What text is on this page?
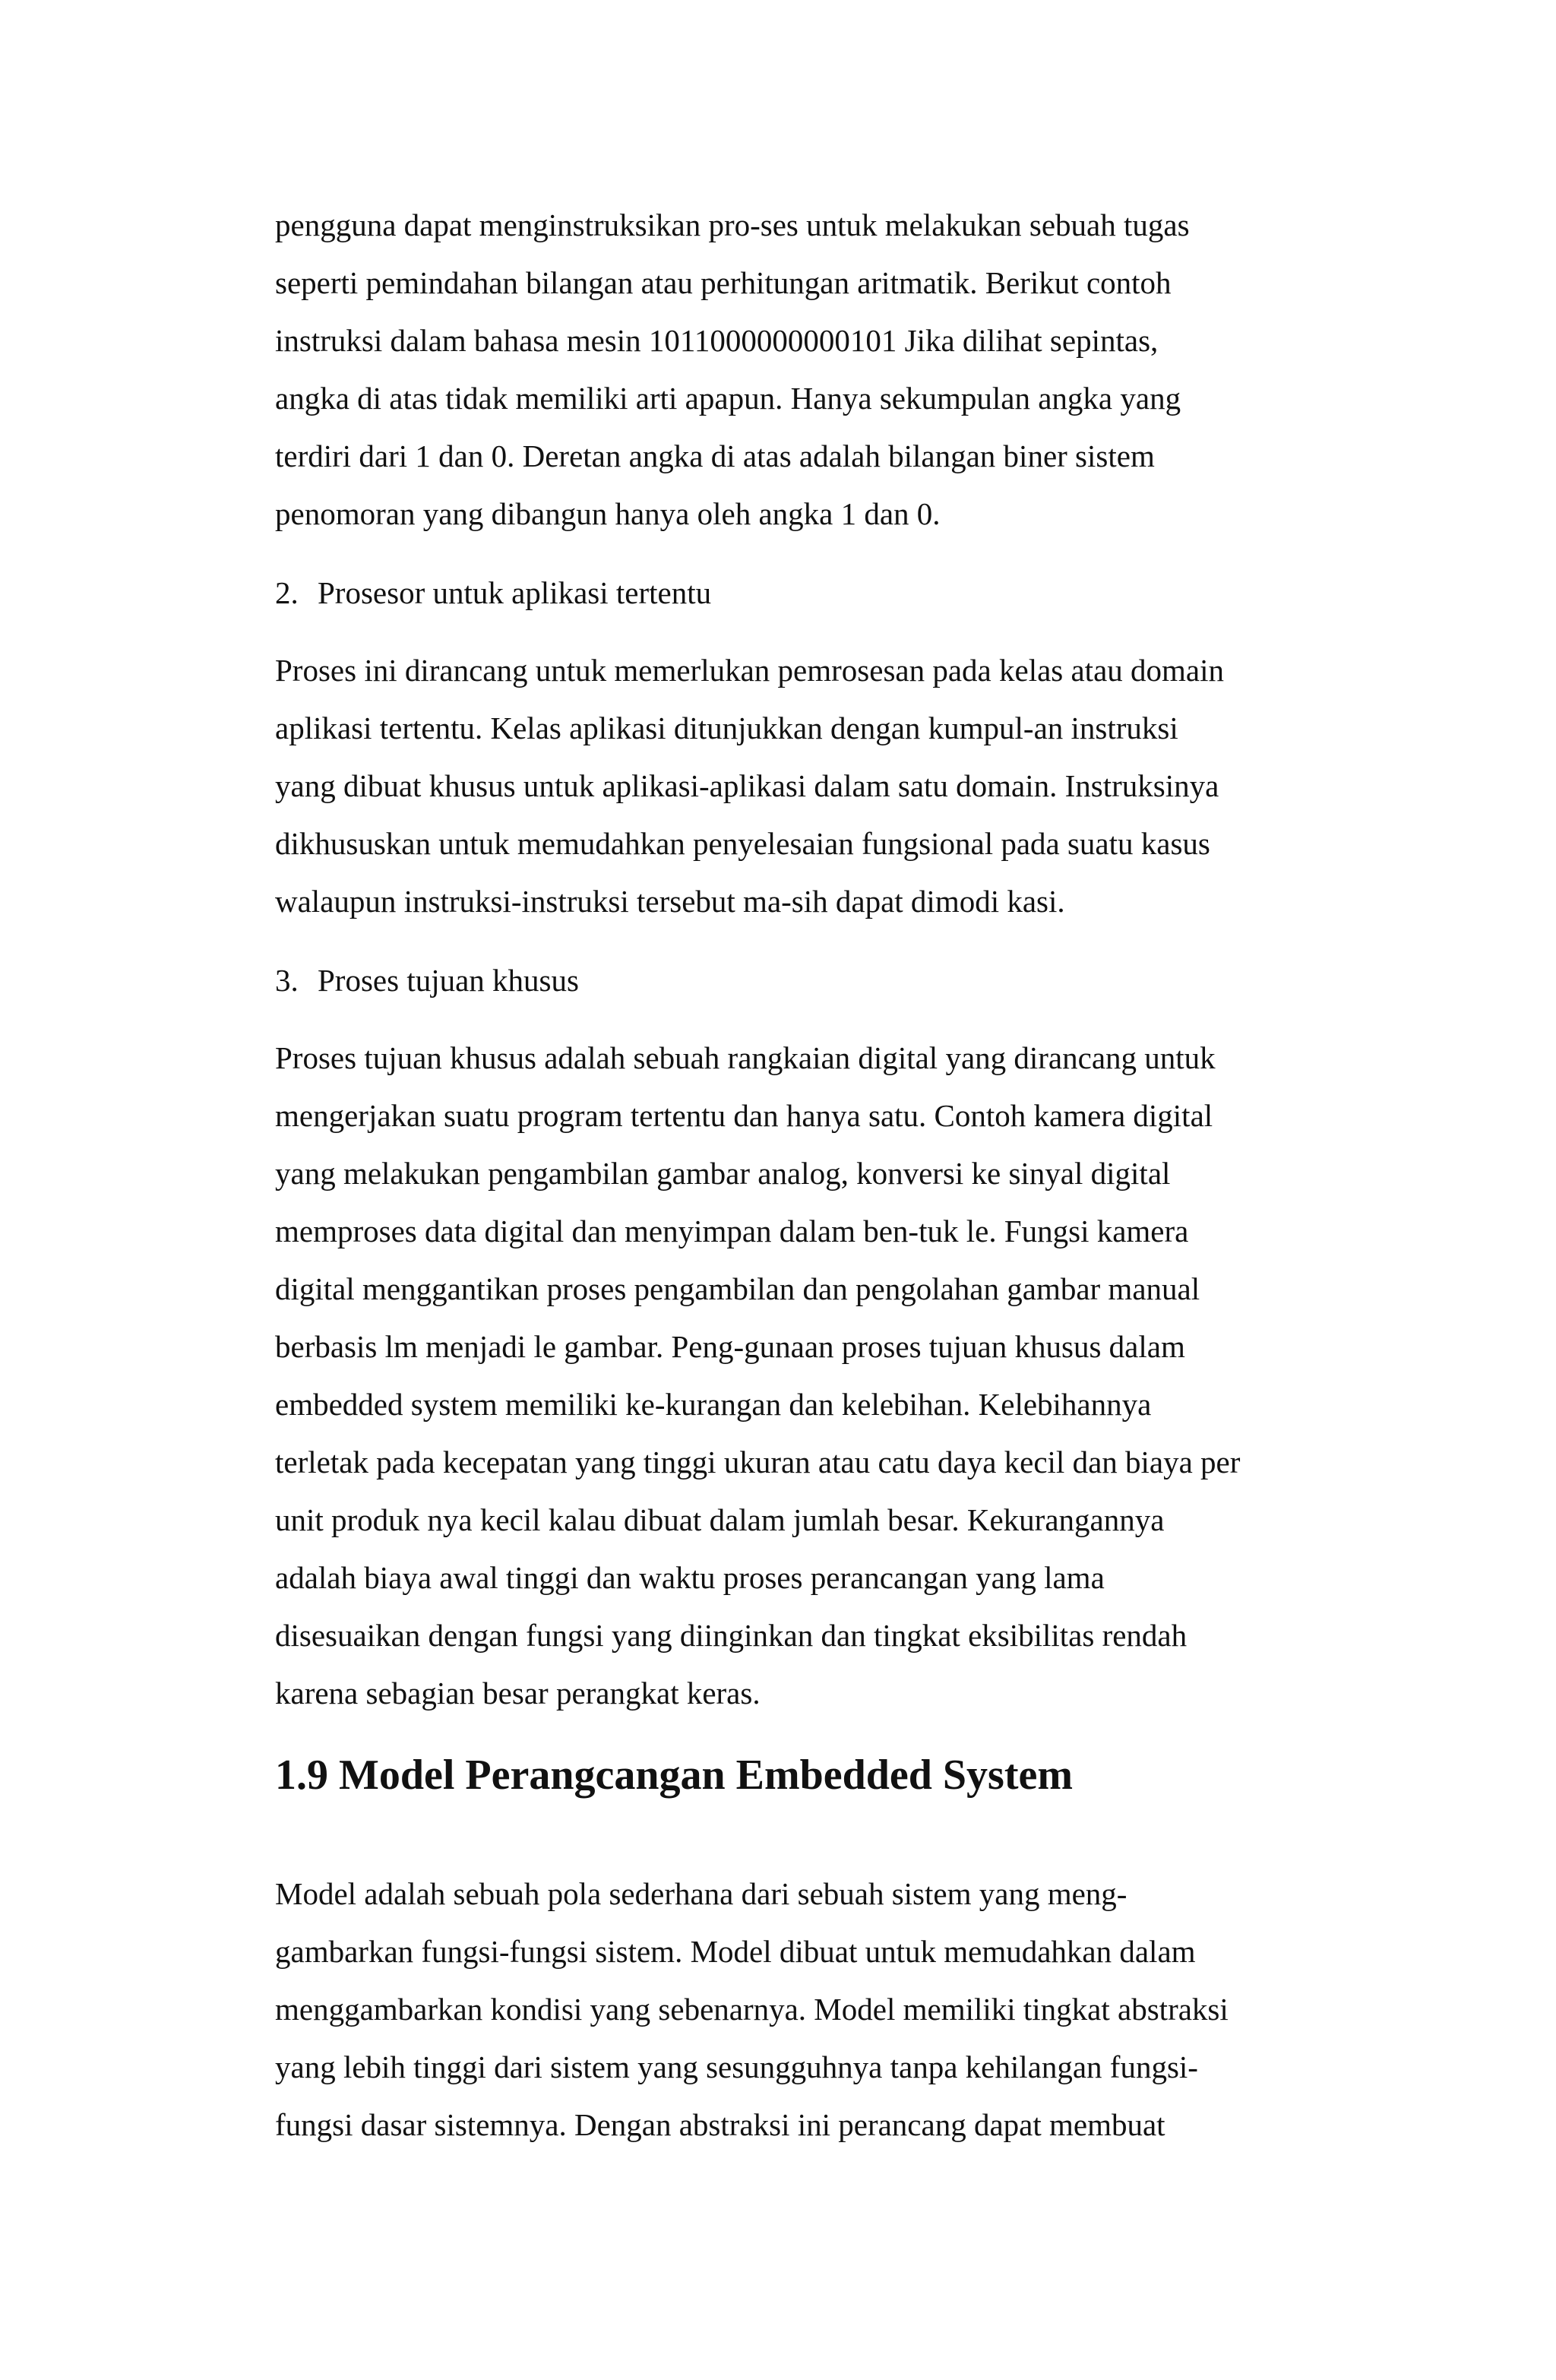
pengguna dapat menginstruksikan pro-ses untuk melakukan sebuah tugas

seperti pemindahan bilangan atau perhitungan aritmatik. Berikut contoh

instruksi dalam bahasa mesin 1011000000000101 Jika dilihat sepintas,

angka di atas tidak memiliki arti apapun. Hanya sekumpulan angka yang

terdiri dari 1 dan 0. Deretan angka di atas adalah bilangan biner sistem

penomoran yang dibangun hanya oleh angka 1 dan 0.

2. Prosesor untuk aplikasi tertentu

Proses ini dirancang untuk memerlukan pemrosesan pada kelas atau domain

aplikasi tertentu. Kelas aplikasi ditunjukkan dengan kumpul-an instruksi

yang dibuat khusus untuk aplikasi-aplikasi dalam satu domain. Instruksinya

dikhususkan untuk memudahkan penyelesaian fungsional pada suatu kasus

walaupun instruksi-instruksi tersebut ma-sih dapat dimodi kasi.

3. Proses tujuan khusus

Proses tujuan khusus adalah sebuah rangkaian digital yang dirancang untuk

mengerjakan suatu program tertentu dan hanya satu. Contoh kamera digital

yang melakukan pengambilan gambar analog, konversi ke sinyal digital

memproses data digital dan menyimpan dalam ben-tuk le. Fungsi kamera

digital menggantikan proses pengambilan dan pengolahan gambar manual

berbasis lm menjadi le gambar. Peng-gunaan proses tujuan khusus dalam

embedded system memiliki ke-kurangan dan kelebihan. Kelebihannya

terletak pada kecepatan yang tinggi ukuran atau catu daya kecil dan biaya per

unit produk nya kecil kalau dibuat dalam jumlah besar. Kekurangannya

adalah biaya awal tinggi dan waktu proses perancangan yang lama

disesuaikan dengan fungsi yang diinginkan dan tingkat eksibilitas rendah

karena sebagian besar perangkat keras.

1.9 Model Perangcangan Embedded System

Model adalah sebuah pola sederhana dari sebuah sistem yang meng-

gambarkan fungsi-fungsi sistem. Model dibuat untuk memudahkan dalam

menggambarkan kondisi yang sebenarnya. Model memiliki tingkat abstraksi

yang lebih tinggi dari sistem yang sesungguhnya tanpa kehilangan fungsi-

fungsi dasar sistemnya. Dengan abstraksi ini perancang dapat membuat
